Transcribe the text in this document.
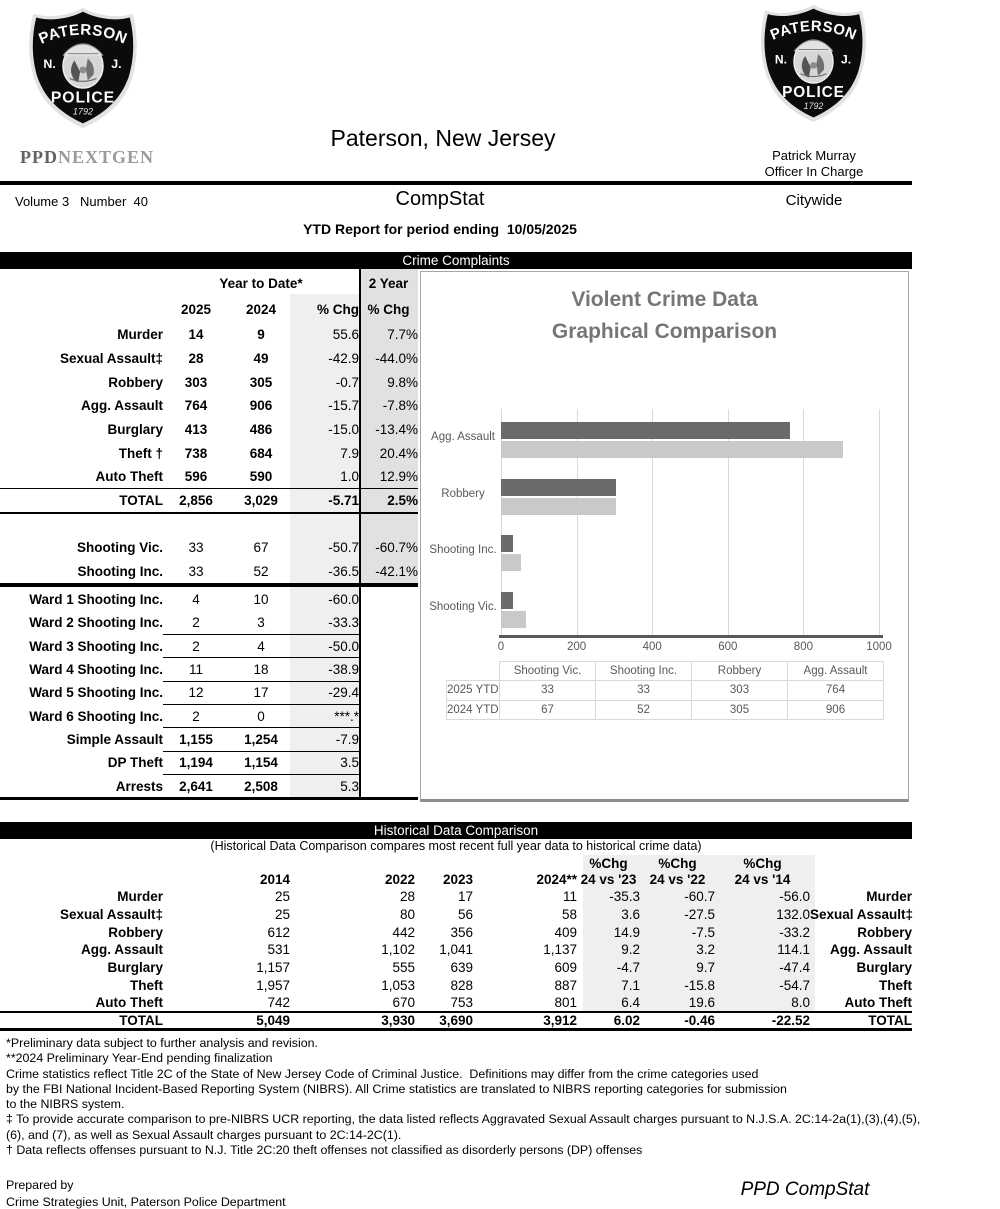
PPDNEXTGEN
Paterson, New Jersey
Patrick Murray
Officer In Charge
Volume 3   Number  40	CompStat	Citywide
YTD Report for period ending  10/05/2025
Crime Complaints
	Year to Date*			2 Year
	2025	2024	% Chg	% Chg
Murder	14	9	55.6	7.7%
Sexual Assault‡	28	49	-42.9	-44.0%
Robbery	303	305	-0.7	9.8%
Agg. Assault	764	906	-15.7	-7.8%
Burglary	413	486	-15.0	-13.4%
Theft †	738	684	7.9	20.4%
Auto Theft	596	590	1.0	12.9%
TOTAL	2,856	3,029	-5.71	2.5%
Shooting Vic.	33	67	-50.7	-60.7%
Shooting Inc.	33	52	-36.5	-42.1%
Ward 1 Shooting Inc.	4	10	-60.0	
Ward 2 Shooting Inc.	2	3	-33.3	
Ward 3 Shooting Inc.	2	4	-50.0	
Ward 4 Shooting Inc.	11	18	-38.9	
Ward 5 Shooting Inc.	12	17	-29.4	
Ward 6 Shooting Inc.	2	0	***.*	
Simple Assault	1,155	1,254	-7.9	
DP Theft	1,194	1,154	3.5	
Arrests	2,641	2,508	5.3	
Violent Crime Data
Graphical Comparison
Agg. Assault
Robbery
Shooting Inc.
Shooting Vic.
0	200	400	600	800	1000
	Shooting Vic.	Shooting Inc.	Robbery	Agg. Assault
2025 YTD	33	33	303	764
2024 YTD	67	52	305	906
Historical Data Comparison
(Historical Data Comparison compares most recent full year data to historical crime data)
					%Chg	%Chg	%Chg	
	2014	2022	2023	2024**	24 vs '23	24 vs '22	24 vs '14	
Murder	25	28	17	11	-35.3	-60.7	-56.0	Murder
Sexual Assault‡	25	80	56	58	3.6	-27.5	132.0	Sexual Assault‡
Robbery	612	442	356	409	14.9	-7.5	-33.2	Robbery
Agg. Assault	531	1,102	1,041	1,137	9.2	3.2	114.1	Agg. Assault
Burglary	1,157	555	639	609	-4.7	9.7	-47.4	Burglary
Theft	1,957	1,053	828	887	7.1	-15.8	-54.7	Theft
Auto Theft	742	670	753	801	6.4	19.6	8.0	Auto Theft
TOTAL	5,049	3,930	3,690	3,912	6.02	-0.46	-22.52	TOTAL
*Preliminary data subject to further analysis and revision.
**2024 Preliminary Year-End pending finalization
Crime statistics reflect Title 2C of the State of New Jersey Code of Criminal Justice.  Definitions may differ from the crime categories used
by the FBI National Incident-Based Reporting System (NIBRS). All Crime statistics are translated to NIBRS reporting categories for submission
to the NIBRS system.
‡ To provide accurate comparison to pre-NIBRS UCR reporting, the data listed reflects Aggravated Sexual Assault charges pursuant to N.J.S.A. 2C:14-2a(1),(3),(4),(5),
(6), and (7), as well as Sexual Assault charges pursuant to 2C:14-2C(1).
† Data reflects offenses pursuant to N.J. Title 2C:20 theft offenses not classified as disorderly persons (DP) offenses
Prepared by
Crime Strategies Unit, Paterson Police Department
PPD CompStat
